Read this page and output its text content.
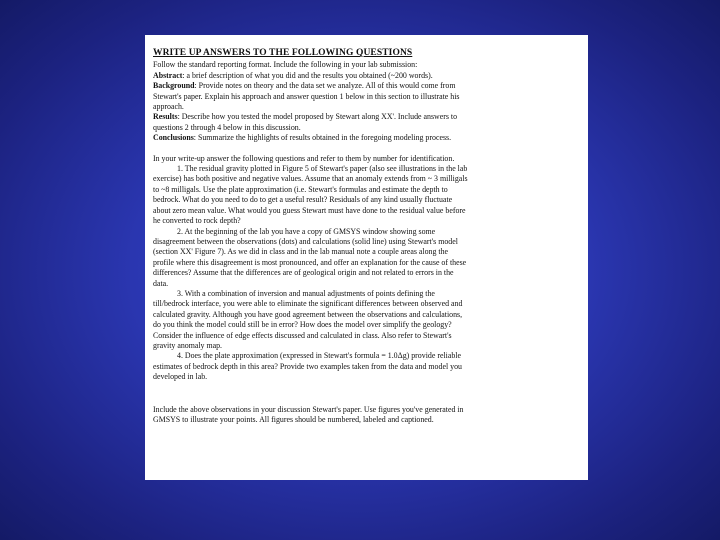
WRITE UP ANSWERS TO THE FOLLOWING QUESTIONS
Follow the standard reporting format. Include the following in your lab submission:
Abstract: a brief description of what you did and the results you obtained (~200 words).
Background: Provide notes on theory and the data set we analyze. All of this would come from
Stewart's paper. Explain his approach and answer question 1 below in this section to illustrate his
approach.
Results: Describe how you tested the model proposed by Stewart along XX'. Include answers to
questions 2 through 4 below in this discussion.
Conclusions: Summarize the highlights of results obtained in the foregoing modeling process.
In your write-up answer the following questions and refer to them by number for identification.
1. The residual gravity plotted in Figure 5 of Stewart's paper (also see illustrations in the lab
exercise) has both positive and negative values. Assume that an anomaly extends from ~ 3 milligals
to ~8 milligals. Use the plate approximation (i.e. Stewart's formulas and estimate the depth to
bedrock. What do you need to do to get a useful result? Residuals of any kind usually fluctuate
about zero mean value. What would you guess Stewart must have done to the residual value before
he converted to rock depth?
2. At the beginning of the lab you have a copy of GMSYS window showing some
disagreement between the observations (dots) and calculations (solid line) using Stewart's model
(section XX' Figure 7). As we did in class and in the lab manual note a couple areas along the
profile where this disagreement is most pronounced, and offer an explanation for the cause of these
differences? Assume that the differences are of geological origin and not related to errors in the
data.
3. With a combination of inversion and manual adjustments of points defining the
till/bedrock interface, you were able to eliminate the significant differences between observed and
calculated gravity. Although you have good agreement between the observations and calculations,
do you think the model could still be in error? How does the model over simplify the geology?
Consider the influence of edge effects discussed and calculated in class. Also refer to Stewart's
gravity anomaly map.
4. Does the plate approximation (expressed in Stewart's formula = 1.0Δg) provide reliable
estimates of bedrock depth in this area? Provide two examples taken from the data and model you
developed in lab.
Include the above observations in your discussion Stewart's paper. Use figures you've generated in
GMSYS to illustrate your points. All figures should be numbered, labeled and captioned.
